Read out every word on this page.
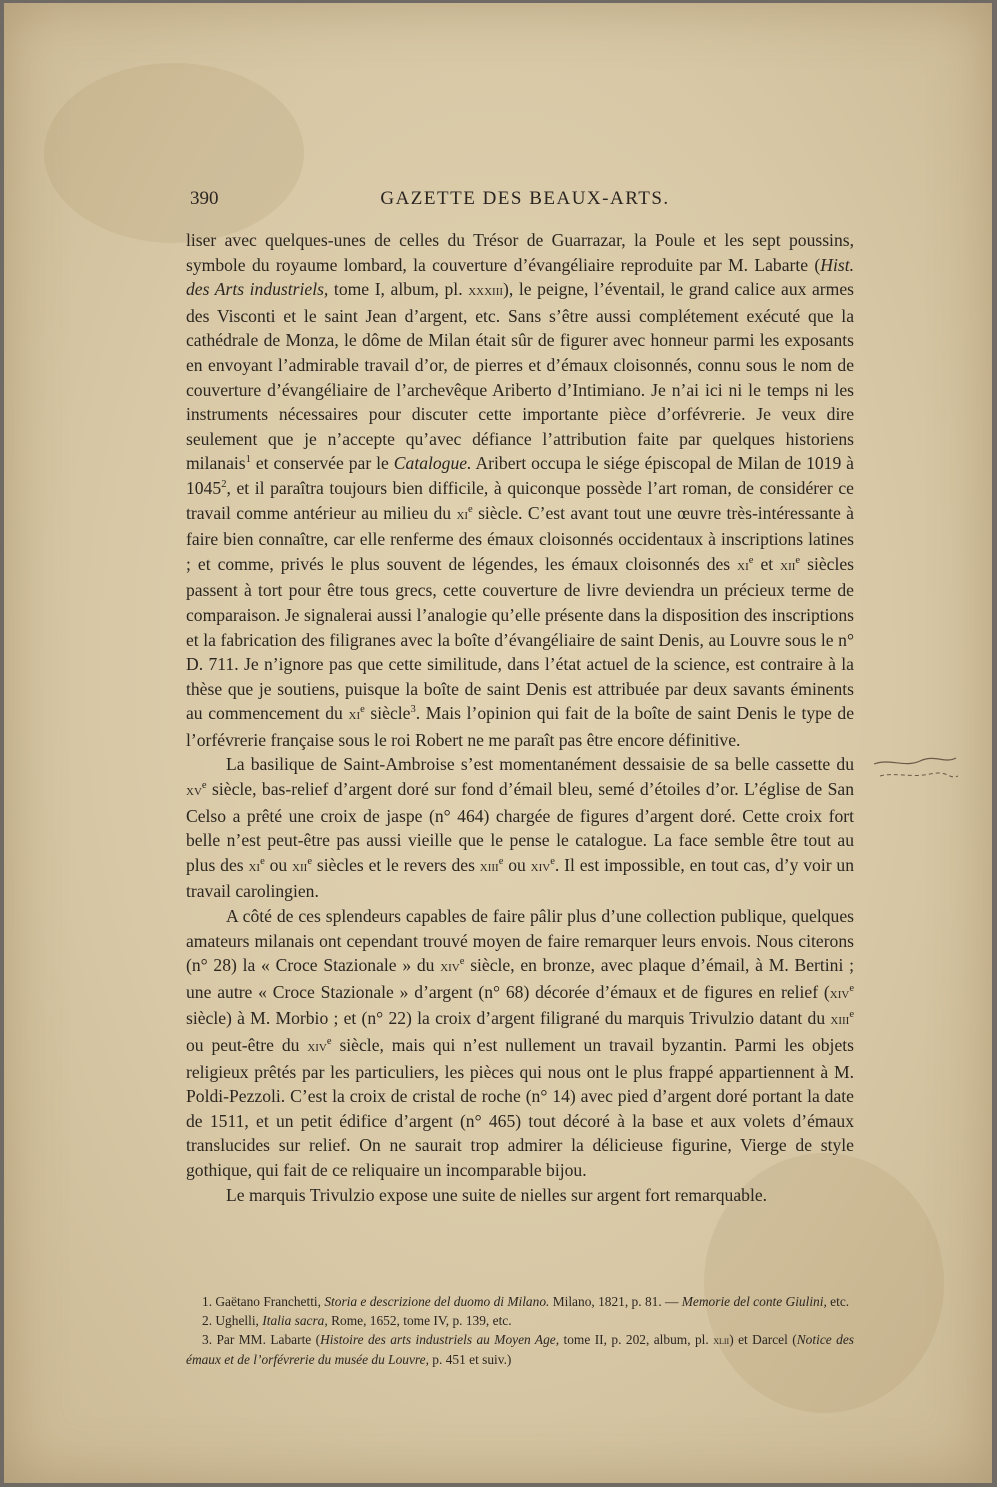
390	GAZETTE DES BEAUX-ARTS.

liser avec quelques-unes de celles du Trésor de Guarrazar, la Poule et les sept poussins, symbole du royaume lombard, la couverture d’évangéliaire reproduite par M. Labarte (Hist. des Arts industriels, tome I, album, pl. xxxiii), le peigne, l’éventail, le grand calice aux armes des Visconti et le saint Jean d’argent, etc. Sans s’être aussi complétement exécuté que la cathédrale de Monza, le dôme de Milan était sûr de figurer avec honneur parmi les exposants en envoyant l’admirable travail d’or, de pierres et d’émaux cloisonnés, connu sous le nom de couverture d’évangéliaire de l’archevêque Ariberto d’Intimiano. Je n’ai ici ni le temps ni les instruments nécessaires pour discuter cette importante pièce d’orfévrerie. Je veux dire seulement que je n’accepte qu’avec défiance l’attribution faite par quelques historiens milanais$^1$ et conservée par le Catalogue. Aribert occupa le siége épiscopal de Milan de 1019 à 1045$^2$, et il paraîtra toujours bien difficile, à quiconque possède l’art roman, de considérer ce travail comme antérieur au milieu du $xi^e$ siècle. C’est avant tout une œuvre très-intéressante à faire bien connaître, car elle renferme des émaux cloisonnés occidentaux à inscriptions latines ; et comme, privés le plus souvent de légendes, les émaux cloisonnés des $xi^e$ et xii$^e$ siècles passent à tort pour être tous grecs, cette couverture de livre deviendra un précieux terme de comparaison. Je signalerai aussi l’analogie qu’elle présente dans la disposition des inscriptions et la fabrication des filigranes avec la boîte d’évangéliaire de saint Denis, au Louvre sous le n° D. 711. Je n’ignore pas que cette similitude, dans l’état actuel de la science, est contraire à la thèse que je soutiens, puisque la boîte de saint Denis est attribuée par deux savants éminents au commencement du $xi^e$ siècle$^3$. Mais l’opinion qui fait de la boîte de saint Denis le type de l’orfévrerie française sous le roi Robert ne me paraît pas être encore définitive.

La basilique de Saint-Ambroise s’est momentanément dessaisie de sa belle cassette du $xv^e$ siècle, bas-relief d’argent doré sur fond d’émail bleu, semé d’étoiles d’or. L’église de San Celso a prêté une croix de jaspe (n° 464) chargée de figures d’argent doré. Cette croix fort belle n’est peut-être pas aussi vieille que le pense le catalogue. La face semble être tout au plus des $xi^e$ ou xii$^e$ siècles et le revers des xiii$^e$ ou xiv$^e$. Il est impossible, en tout cas, d’y voir un travail carolingien.

A côté de ces splendeurs capables de faire pâlir plus d’une collection publique, quelques amateurs milanais ont cependant trouvé moyen de faire remarquer leurs envois. Nous citerons (n° 28) la « Croce Stazionale » du xiv$^e$ siècle, en bronze, avec plaque d’émail, à M. Bertini ; une autre « Croce Stazionale » d’argent (n° 68) décorée d’émaux et de figures en relief (xiv$^e$ siècle) à M. Morbio ; et (n° 22) la croix d’argent filigrané du marquis Trivulzio datant du xiii$^e$ ou peut-être du xiv$^e$ siècle, mais qui n’est nullement un travail byzantin. Parmi les objets religieux prêtés par les particuliers, les pièces qui nous ont le plus frappé appartiennent à M. Poldi-Pezzoli. C’est la croix de cristal de roche (n° 14) avec pied d’argent doré portant la date de 1511, et un petit édifice d’argent (n° 465) tout décoré à la base et aux volets d’émaux translucides sur relief. On ne saurait trop admirer la délicieuse figurine, Vierge de style gothique, qui fait de ce reliquaire un incomparable bijou.

Le marquis Trivulzio expose une suite de nielles sur argent fort remarquable.

1. Gaëtano Franchetti, Storia e descrizione del duomo di Milano. Milano, 1821, p. 81. — Memorie del conte Giulini, etc.

2. Ughelli, Italia sacra, Rome, 1652, tome IV, p. 139, etc.

3. Par MM. Labarte (Histoire des arts industriels au Moyen Age, tome II, p. 202, album, pl. xlii) et Darcel (Notice des émaux et de l’orfévrerie du musée du Louvre, p. 451 et suiv.)
